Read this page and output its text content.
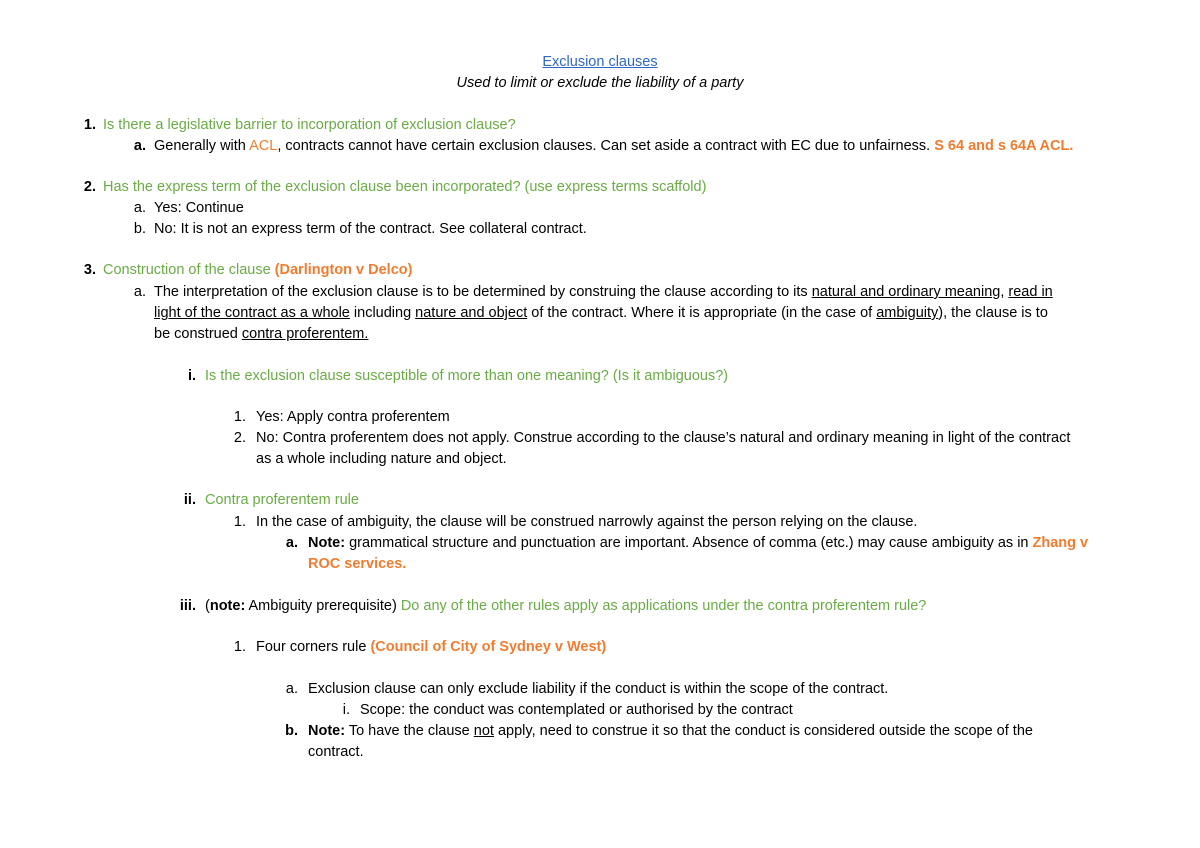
Exclusion clauses
Used to limit or exclude the liability of a party
1. Is there a legislative barrier to incorporation of exclusion clause?
a. Generally with ACL, contracts cannot have certain exclusion clauses. Can set aside a contract with EC due to unfairness. S 64 and s 64A ACL.
2. Has the express term of the exclusion clause been incorporated? (use express terms scaffold)
a. Yes: Continue
b. No: It is not an express term of the contract. See collateral contract.
3. Construction of the clause (Darlington v Delco)
a. The interpretation of the exclusion clause is to be determined by construing the clause according to its natural and ordinary meaning, read in
light of the contract as a whole including nature and object of the contract. Where it is appropriate (in the case of ambiguity), the clause is to
be construed contra proferentem.
i. Is the exclusion clause susceptible of more than one meaning? (Is it ambiguous?)
1. Yes: Apply contra proferentem
2. No: Contra proferentem does not apply. Construe according to the clause’s natural and ordinary meaning in light of the contract
as a whole including nature and object.
ii. Contra proferentem rule
1. In the case of ambiguity, the clause will be construed narrowly against the person relying on the clause.
a. Note: grammatical structure and punctuation are important. Absence of comma (etc.) may cause ambiguity as in Zhang v
ROC services.
iii. (note: Ambiguity prerequisite) Do any of the other rules apply as applications under the contra proferentem rule?
1. Four corners rule (Council of City of Sydney v West)
a. Exclusion clause can only exclude liability if the conduct is within the scope of the contract.
i. Scope: the conduct was contemplated or authorised by the contract
b. Note: To have the clause not apply, need to construe it so that the conduct is considered outside the scope of the
contract.
